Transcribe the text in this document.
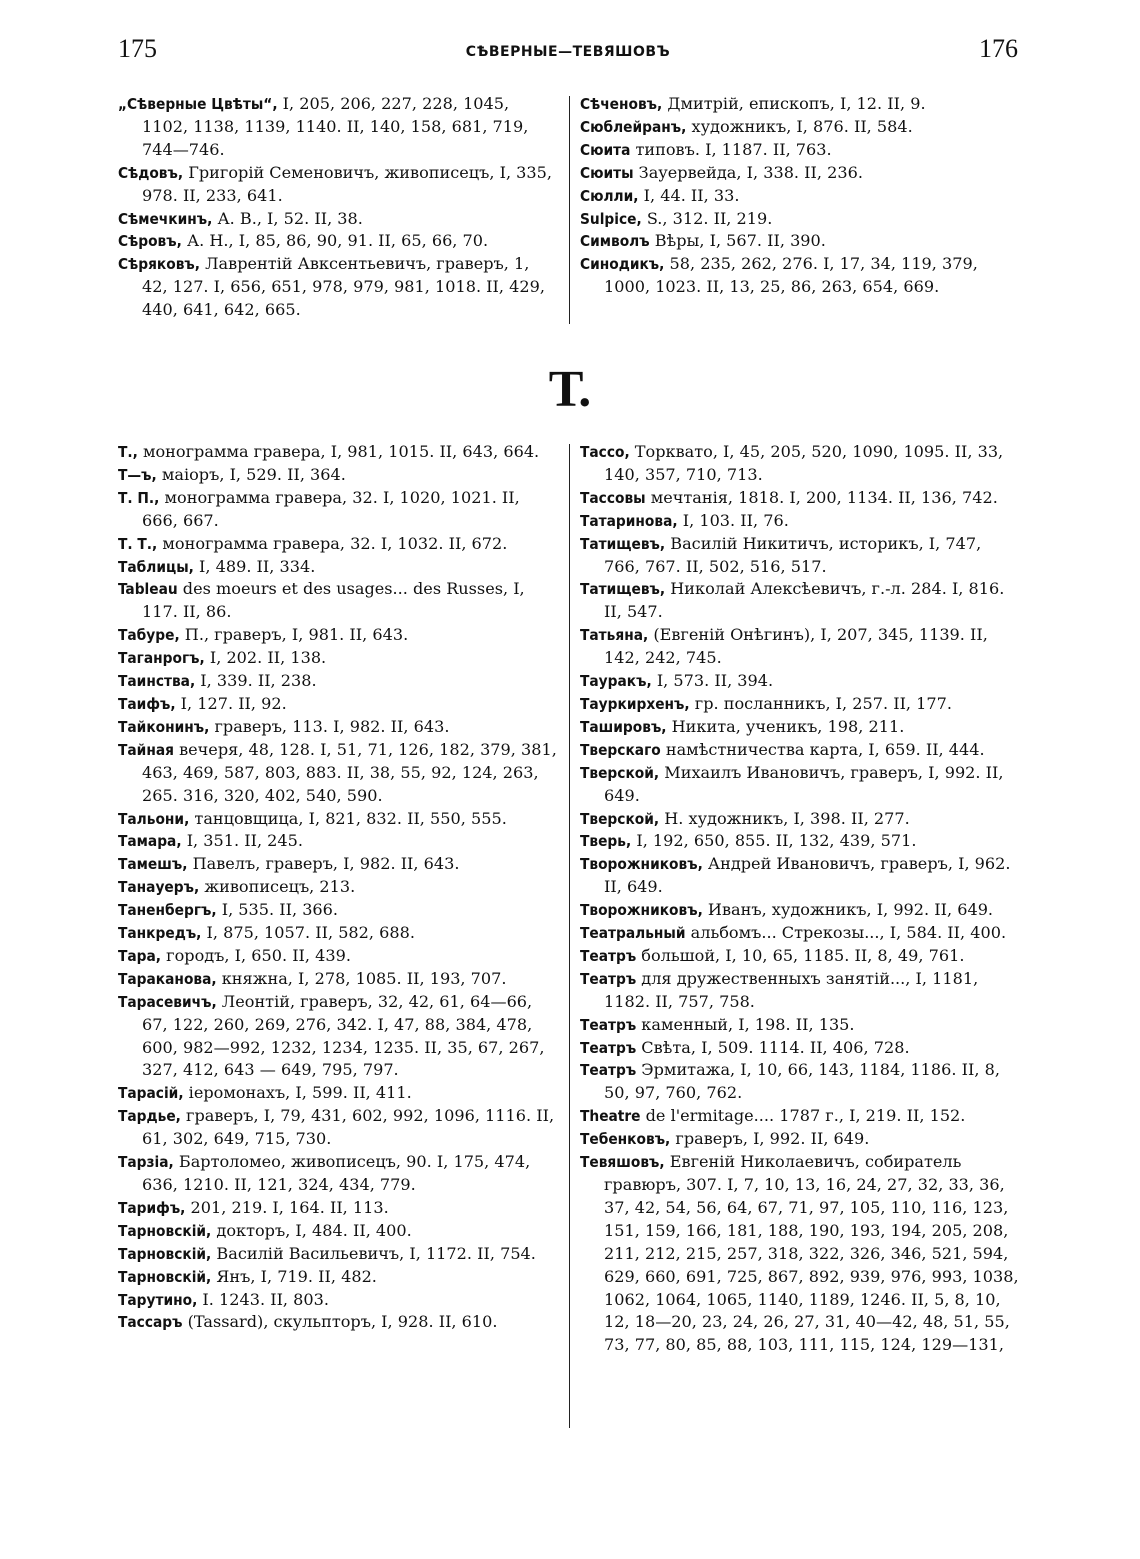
175	СѢВЕРНЫЕ—ТЕВЯШОВЪ	176

„Сѣверные Цвѣты“, I, 205, 206, 227, 228, 1045, 1102, 1138, 1139, 1140. II, 140, 158, 681, 719, 744—746.

Сѣдовъ, Григорій Семеновичъ, живописецъ, I, 335, 978. II, 233, 641.

Сѣмечкинъ, А. В., I, 52. II, 38.

Сѣровъ, А. Н., I, 85, 86, 90, 91. II, 65, 66, 70.

Сѣряковъ, Лаврентій Авксентьевичъ, граверъ, 1, 42, 127. I, 656, 651, 978, 979, 981, 1018. II, 429, 440, 641, 642, 665.

Сѣченовъ, Дмитрій, епископъ, I, 12. II, 9.

Сюблейранъ, художникъ, I, 876. II, 584.

Сюита типовъ. I, 1187. II, 763.

Сюиты Зауервейда, I, 338. II, 236.

Сюлли, I, 44. II, 33.

Sulpice, S., 312. II, 219.

Символъ Вѣры, I, 567. II, 390.

Синодикъ, 58, 235, 262, 276. I, 17, 34, 119, 379, 1000, 1023. II, 13, 25, 86, 263, 654, 669.

Т.

Т., монограмма гравера, I, 981, 1015. II, 643, 664.

Т—ъ, маіоръ, I, 529. II, 364.

Т. П., монограмма гравера, 32. I, 1020, 1021. II, 666, 667.

Т. Т., монограмма гравера, 32. I, 1032. II, 672.

Таблицы, I, 489. II, 334.

Tableau des moeurs et des usages... des Russes, I, 117. II, 86.

Табуре, П., граверъ, I, 981. II, 643.

Таганрогъ, I, 202. II, 138.

Таинства, I, 339. II, 238.

Таифъ, I, 127. II, 92.

Тайконинъ, граверъ, 113. I, 982. II, 643.

Тайная вечеря, 48, 128. I, 51, 71, 126, 182, 379, 381, 463, 469, 587, 803, 883. II, 38, 55, 92, 124, 263, 265. 316, 320, 402, 540, 590.

Тальони, танцовщица, I, 821, 832. II, 550, 555.

Тамара, I, 351. II, 245.

Тамешъ, Павелъ, граверъ, I, 982. II, 643.

Танауеръ, живописецъ, 213.

Таненбергъ, I, 535. II, 366.

Танкредъ, I, 875, 1057. II, 582, 688.

Тара, городъ, I, 650. II, 439.

Тараканова, княжна, I, 278, 1085. II, 193, 707.

Тарасевичъ, Леонтій, граверъ, 32, 42, 61, 64—66, 67, 122, 260, 269, 276, 342. I, 47, 88, 384, 478, 600, 982—992, 1232, 1234, 1235. II, 35, 67, 267, 327, 412, 643 — 649, 795, 797.

Тарасій, іеромонахъ, I, 599. II, 411.

Тардье, граверъ, I, 79, 431, 602, 992, 1096, 1116. II, 61, 302, 649, 715, 730.

Тарзіа, Бартоломео, живописецъ, 90. I, 175, 474, 636, 1210. II, 121, 324, 434, 779.

Тарифъ, 201, 219. I, 164. II, 113.

Тарновскій, докторъ, I, 484. II, 400.

Тарновскій, Василій Васильевичъ, I, 1172. II, 754.

Тарновскій, Янъ, I, 719. II, 482.

Тарутино, I. 1243. II, 803.

Тассаръ (Tassard), скульпторъ, I, 928. II, 610.

Тассо, Торквато, I, 45, 205, 520, 1090, 1095. II, 33, 140, 357, 710, 713.

Тассовы мечтанія, 1818. I, 200, 1134. II, 136, 742.

Татаринова, I, 103. II, 76.

Татищевъ, Василій Никитичъ, историкъ, I, 747, 766, 767. II, 502, 516, 517.

Татищевъ, Николай Алексѣевичъ, г.-л. 284. I, 816. II, 547.

Татьяна, (Евгеній Онѣгинъ), I, 207, 345, 1139. II, 142, 242, 745.

Тауракъ, I, 573. II, 394.

Тауркирхенъ, гр. посланникъ, I, 257. II, 177.

Ташировъ, Никита, ученикъ, 198, 211.

Тверскаго намѣстничества карта, I, 659. II, 444.

Тверской, Михаилъ Ивановичъ, граверъ, I, 992. II, 649.

Тверской, Н. художникъ, I, 398. II, 277.

Тверь, I, 192, 650, 855. II, 132, 439, 571.

Творожниковъ, Андрей Ивановичъ, граверъ, I, 962. II, 649.

Творожниковъ, Иванъ, художникъ, I, 992. II, 649.

Театральный альбомъ... Стрекозы..., I, 584. II, 400.

Театръ большой, I, 10, 65, 1185. II, 8, 49, 761.

Театръ для дружественныхъ занятій..., I, 1181, 1182. II, 757, 758.

Театръ каменный, I, 198. II, 135.

Театръ Свѣта, I, 509. 1114. II, 406, 728.

Театръ Эрмитажа, I, 10, 66, 143, 1184, 1186. II, 8, 50, 97, 760, 762.

Theatre de l'ermitage.... 1787 г., I, 219. II, 152.

Тебенковъ, граверъ, I, 992. II, 649.

Тевяшовъ, Евгеній Николаевичъ, собиратель гравюръ, 307. I, 7, 10, 13, 16, 24, 27, 32, 33, 36, 37, 42, 54, 56, 64, 67, 71, 97, 105, 110, 116, 123, 151, 159, 166, 181, 188, 190, 193, 194, 205, 208, 211, 212, 215, 257, 318, 322, 326, 346, 521, 594, 629, 660, 691, 725, 867, 892, 939, 976, 993, 1038, 1062, 1064, 1065, 1140, 1189, 1246. II, 5, 8, 10, 12, 18—20, 23, 24, 26, 27, 31, 40—42, 48, 51, 55, 73, 77, 80, 85, 88, 103, 111, 115, 124, 129—131,
